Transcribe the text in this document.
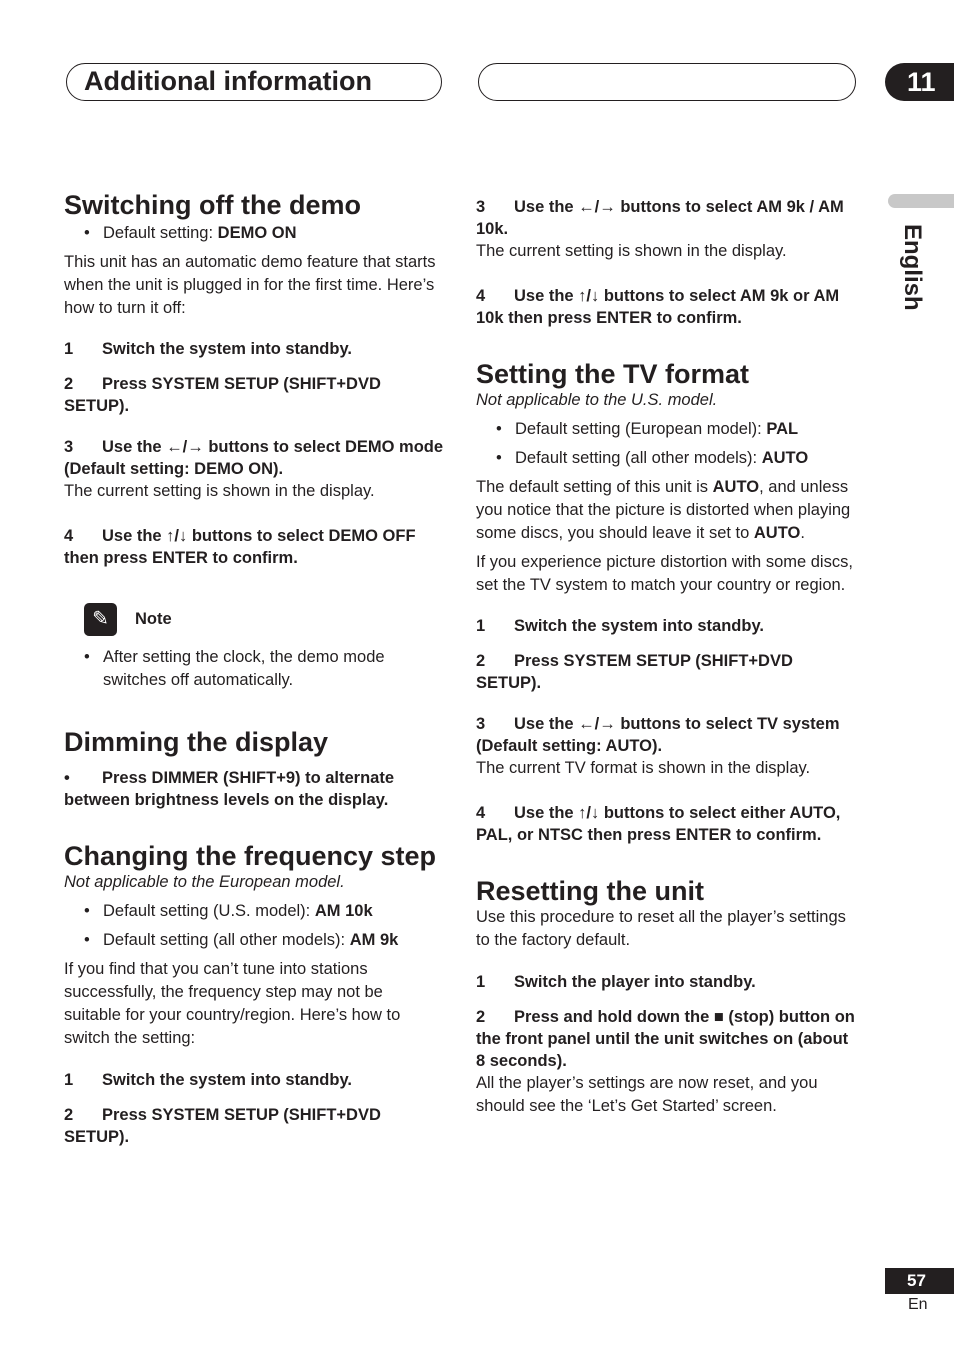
Additional information	11
English

Switching off the demo

• Default setting: DEMO ON

This unit has an automatic demo feature that starts when the unit is plugged in for the first time. Here’s how to turn it off:

1 Switch the system into standby.

2 Press SYSTEM SETUP (SHIFT+DVD SETUP).

3 Use the ←/→ buttons to select DEMO mode (Default setting: DEMO ON).

The current setting is shown in the display.

4 Use the ↑/↓ buttons to select DEMO OFF then press ENTER to confirm.

✎	Note

• After setting the clock, the demo mode switches off automatically.

Dimming the display

• Press DIMMER (SHIFT+9) to alternate between brightness levels on the display.

Changing the frequency step

Not applicable to the European model.

• Default setting (U.S. model): AM 10k

• Default setting (all other models): AM 9k

If you find that you can’t tune into stations successfully, the frequency step may not be suitable for your country/region. Here’s how to switch the setting:

1 Switch the system into standby.

2 Press SYSTEM SETUP (SHIFT+DVD SETUP).

3 Use the ←/→ buttons to select AM 9k / AM 10k.

The current setting is shown in the display.

4 Use the ↑/↓ buttons to select AM 9k or AM 10k then press ENTER to confirm.

Setting the TV format

Not applicable to the U.S. model.

• Default setting (European model): PAL

• Default setting (all other models): AUTO

The default setting of this unit is AUTO, and unless you notice that the picture is distorted when playing some discs, you should leave it set to AUTO.

If you experience picture distortion with some discs, set the TV system to match your country or region.

1 Switch the system into standby.

2 Press SYSTEM SETUP (SHIFT+DVD SETUP).

3 Use the ←/→ buttons to select TV system (Default setting: AUTO).

The current TV format is shown in the display.

4 Use the ↑/↓ buttons to select either AUTO, PAL, or NTSC then press ENTER to confirm.

Resetting the unit

Use this procedure to reset all the player’s settings to the factory default.

1 Switch the player into standby.

2 Press and hold down the ■ (stop) button on the front panel until the unit switches on (about 8 seconds).

All the player’s settings are now reset, and you should see the ‘Let’s Get Started’ screen.

57
En
